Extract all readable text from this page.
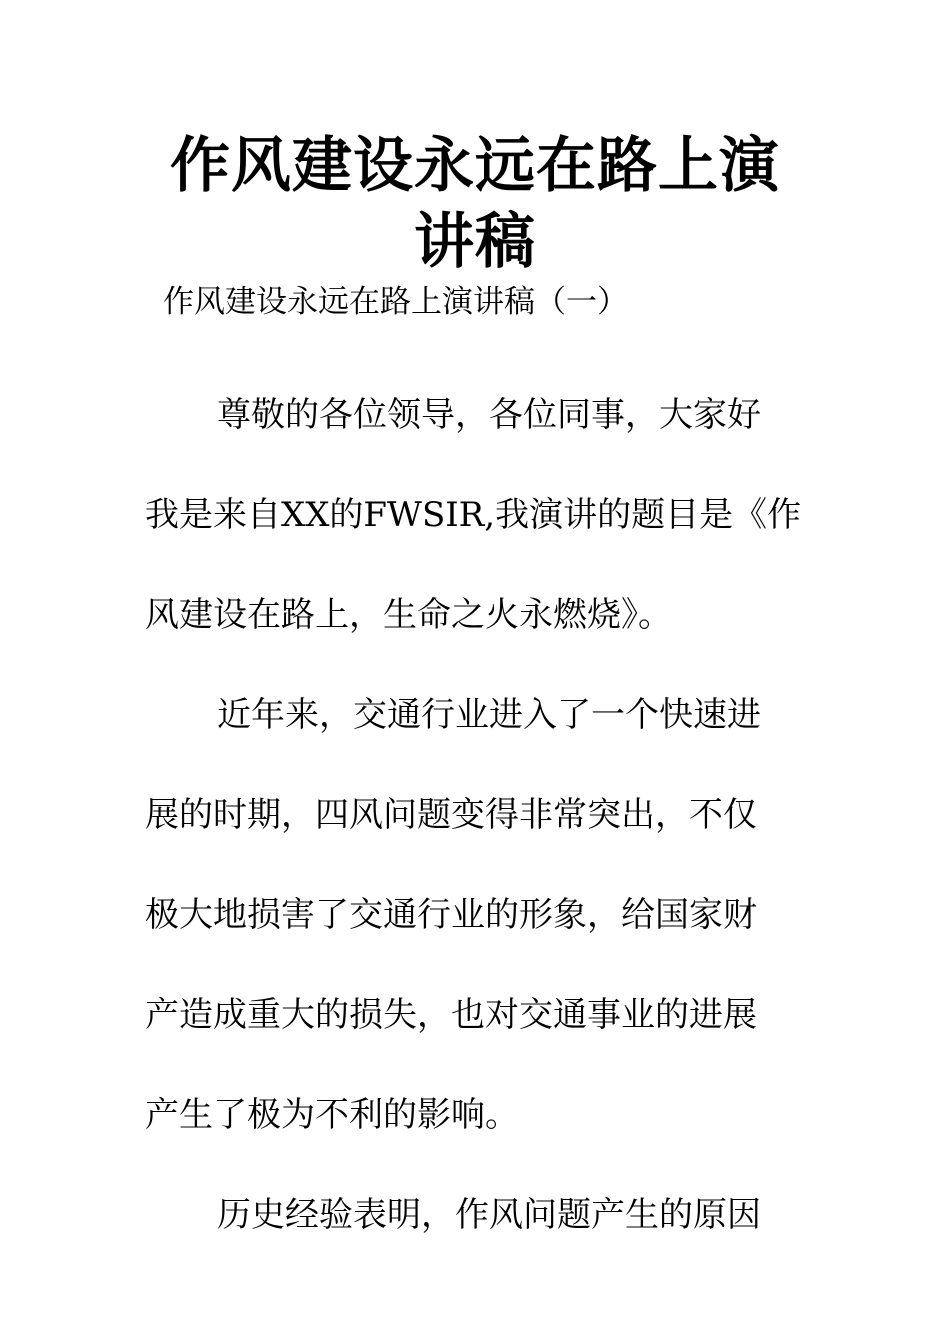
作风建设永远在路上演讲稿
作风建设永远在路上演讲稿（一）
尊敬的各位领导，各位同事，大家好
我是来自XX的FWSIR,我演讲的题目是《作
风建设在路上，生命之火永燃烧》。
近年来，交通行业进入了一个快速进
展的时期，四风问题变得非常突出，不仅
极大地损害了交通行业的形象，给国家财
产造成重大的损失，也对交通事业的进展
产生了极为不利的影响。
历史经验表明，作风问题产生的原因
